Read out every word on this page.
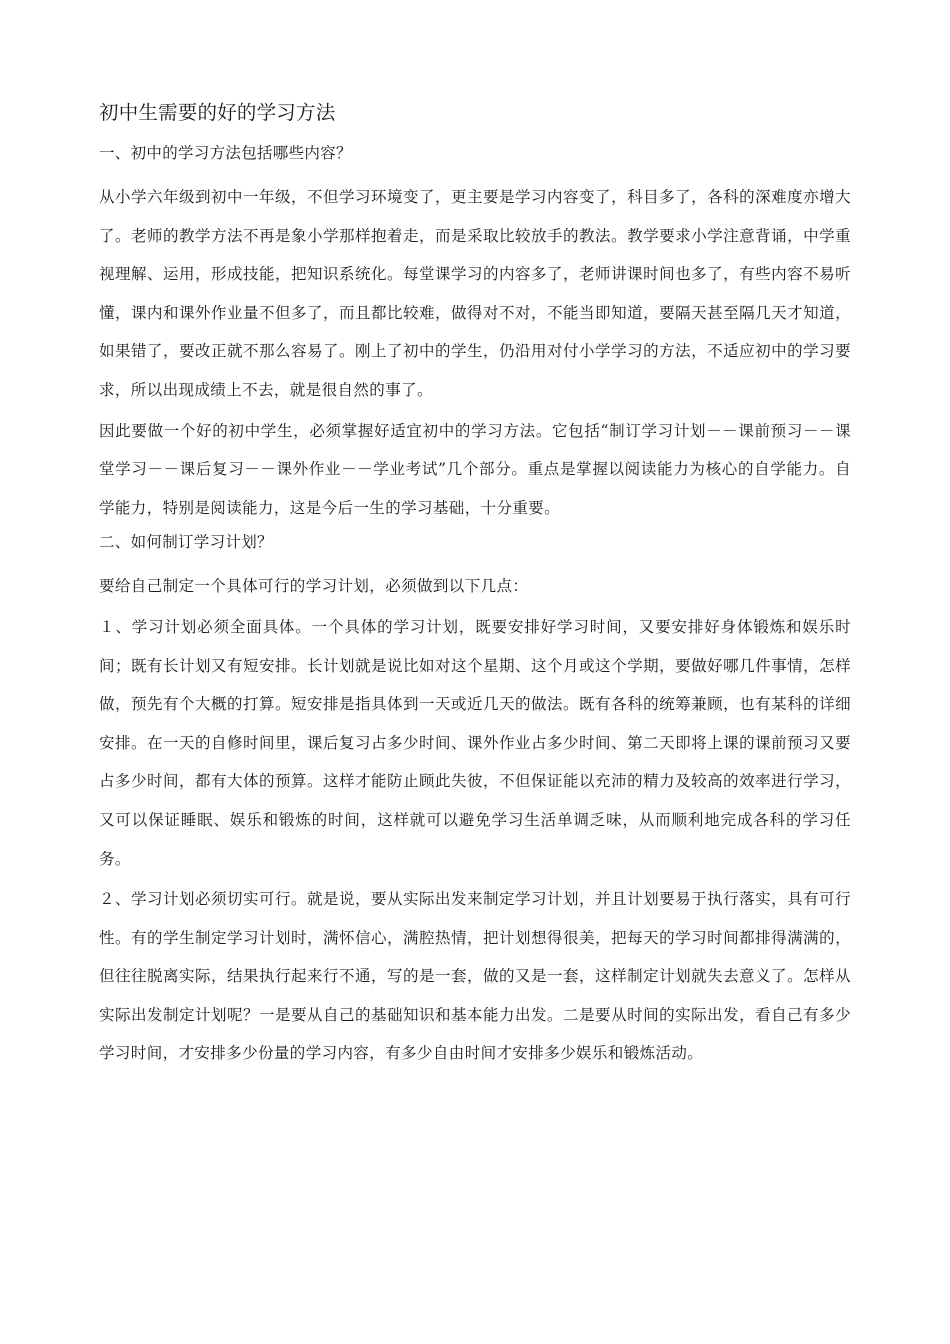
初中生需要的好的学习方法
一、初中的学习方法包括哪些内容？

从小学六年级到初中一年级，不但学习环境变了，更主要是学习内容变了，科目多了，各科的深难度亦增大了。老师的教学方法不再是象小学那样抱着走，而是采取比较放手的教法。教学要求小学注意背诵，中学重视理解、运用，形成技能，把知识系统化。每堂课学习的内容多了，老师讲课时间也多了，有些内容不易听懂，课内和课外作业量不但多了，而且都比较难，做得对不对，不能当即知道，要隔天甚至隔几天才知道，如果错了，要改正就不那么容易了。刚上了初中的学生，仍沿用对付小学学习的方法，不适应初中的学习要求，所以出现成绩上不去，就是很自然的事了。

因此要做一个好的初中学生，必须掌握好适宜初中的学习方法。它包括“制订学习计划－－课前预习－－课堂学习－－课后复习－－课外作业－－学业考试”几个部分。重点是掌握以阅读能力为核心的自学能力。自学能力，特别是阅读能力，这是今后一生的学习基础，十分重要。

二、如何制订学习计划？

要给自己制定一个具体可行的学习计划，必须做到以下几点：

１、学习计划必须全面具体。一个具体的学习计划，既要安排好学习时间，又要安排好身体锻炼和娱乐时间；既有长计划又有短安排。长计划就是说比如对这个星期、这个月或这个学期，要做好哪几件事情，怎样做，预先有个大概的打算。短安排是指具体到一天或近几天的做法。既有各科的统筹兼顾，也有某科的详细安排。在一天的自修时间里，课后复习占多少时间、课外作业占多少时间、第二天即将上课的课前预习又要占多少时间，都有大体的预算。这样才能防止顾此失彼，不但保证能以充沛的精力及较高的效率进行学习，又可以保证睡眠、娱乐和锻炼的时间，这样就可以避免学习生活单调乏味，从而顺利地完成各科的学习任务。

２、学习计划必须切实可行。就是说，要从实际出发来制定学习计划，并且计划要易于执行落实，具有可行性。有的学生制定学习计划时，满怀信心，满腔热情，把计划想得很美，把每天的学习时间都排得满满的，但往往脱离实际，结果执行起来行不通，写的是一套，做的又是一套，这样制定计划就失去意义了。怎样从实际出发制定计划呢？一是要从自己的基础知识和基本能力出发。二是要从时间的实际出发，看自己有多少学习时间，才安排多少份量的学习内容，有多少自由时间才安排多少娱乐和锻炼活动。
